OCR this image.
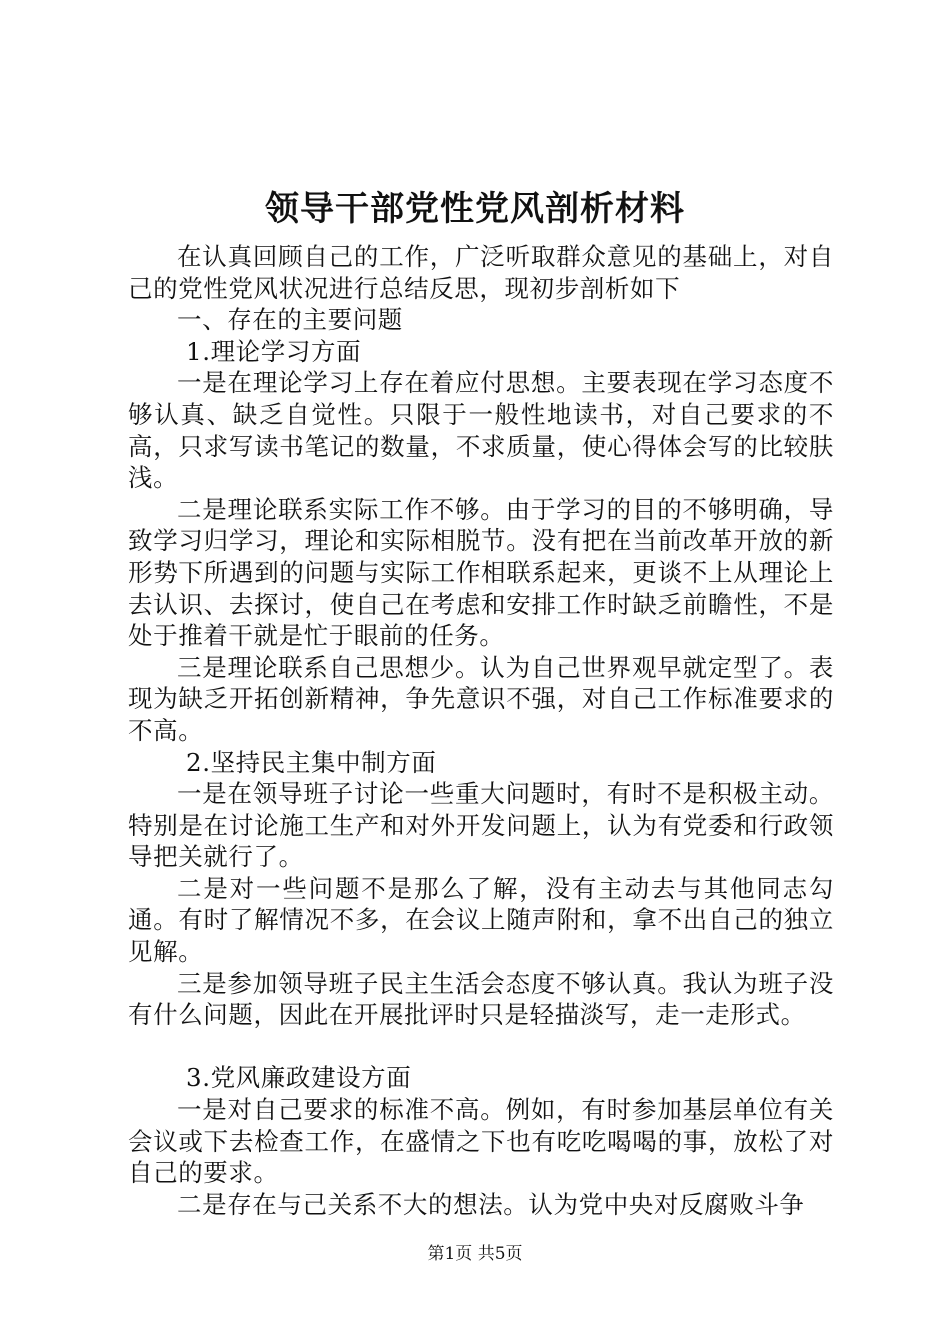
领导干部党性党风剖析材料

在认真回顾自己的工作，广泛听取群众意见的基础上，对自己的党性党风状况进行总结反思，现初步剖析如下

一、存在的主要问题

1.理论学习方面

一是在理论学习上存在着应付思想。主要表现在学习态度不够认真、缺乏自觉性。只限于一般性地读书，对自己要求的不高，只求写读书笔记的数量，不求质量，使心得体会写的比较肤浅。

二是理论联系实际工作不够。由于学习的目的不够明确，导致学习归学习，理论和实际相脱节。没有把在当前改革开放的新形势下所遇到的问题与实际工作相联系起来，更谈不上从理论上去认识、去探讨，使自己在考虑和安排工作时缺乏前瞻性，不是处于推着干就是忙于眼前的任务。

三是理论联系自己思想少。认为自己世界观早就定型了。表现为缺乏开拓创新精神，争先意识不强，对自己工作标准要求的不高。

2.坚持民主集中制方面

一是在领导班子讨论一些重大问题时，有时不是积极主动。特别是在讨论施工生产和对外开发问题上，认为有党委和行政领导把关就行了。

二是对一些问题不是那么了解，没有主动去与其他同志勾通。有时了解情况不多，在会议上随声附和，拿不出自己的独立见解。

三是参加领导班子民主生活会态度不够认真。我认为班子没有什么问题，因此在开展批评时只是轻描淡写，走一走形式。

3.党风廉政建设方面

一是对自己要求的标准不高。例如，有时参加基层单位有关会议或下去检查工作，在盛情之下也有吃吃喝喝的事，放松了对自己的要求。

二是存在与己关系不大的想法。认为党中央对反腐败斗争

第1页 共5页
